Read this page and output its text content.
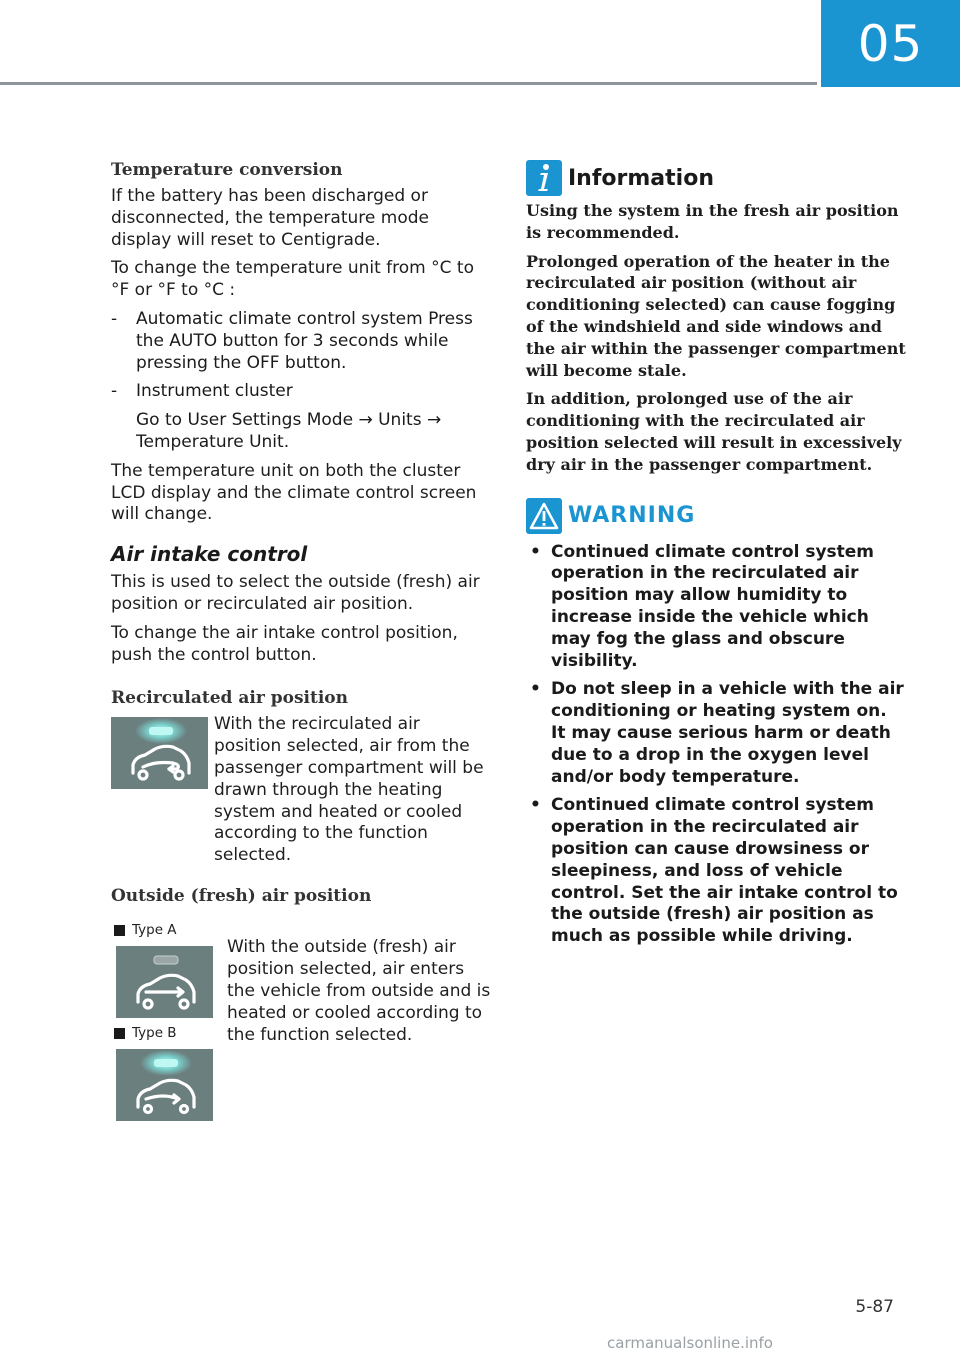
05
Temperature conversion

If the battery has been discharged or disconnected, the temperature mode display will reset to Centigrade.

To change the temperature unit from °C to °F or °F to °C :

- Automatic climate control system Press the AUTO button for 3 seconds while pressing the OFF button.
- Instrument cluster
Go to User Settings Mode → Units → Temperature Unit.

The temperature unit on both the cluster LCD display and the climate control screen will change.

Air intake control

This is used to select the outside (fresh) air position or recirculated air position.

To change the air intake control position, push the control button.

Recirculated air position
With the recirculated air position selected, air from the passenger compartment will be drawn through the heating system and heated or cooled according to the function selected.
Outside (fresh) air position
Type A
Type B
With the outside (fresh) air position selected, air enters the vehicle from outside and is heated or cooled according to the function selected.
Information

Using the system in the fresh air position is recommended.

Prolonged operation of the heater in the recirculated air position (without air conditioning selected) can cause fogging of the windshield and side windows and the air within the passenger compartment will become stale.

In addition, prolonged use of the air conditioning with the recirculated air position selected will result in excessively dry air in the passenger compartment.

WARNING
• Continued climate control system operation in the recirculated air position may allow humidity to increase inside the vehicle which may fog the glass and obscure visibility.
• Do not sleep in a vehicle with the air conditioning or heating system on. It may cause serious harm or death due to a drop in the oxygen level and/or body temperature.
• Continued climate control system operation in the recirculated air position can cause drowsiness or sleepiness, and loss of vehicle control. Set the air intake control to the outside (fresh) air position as much as possible while driving.
5-87
carmanualsonline.info
